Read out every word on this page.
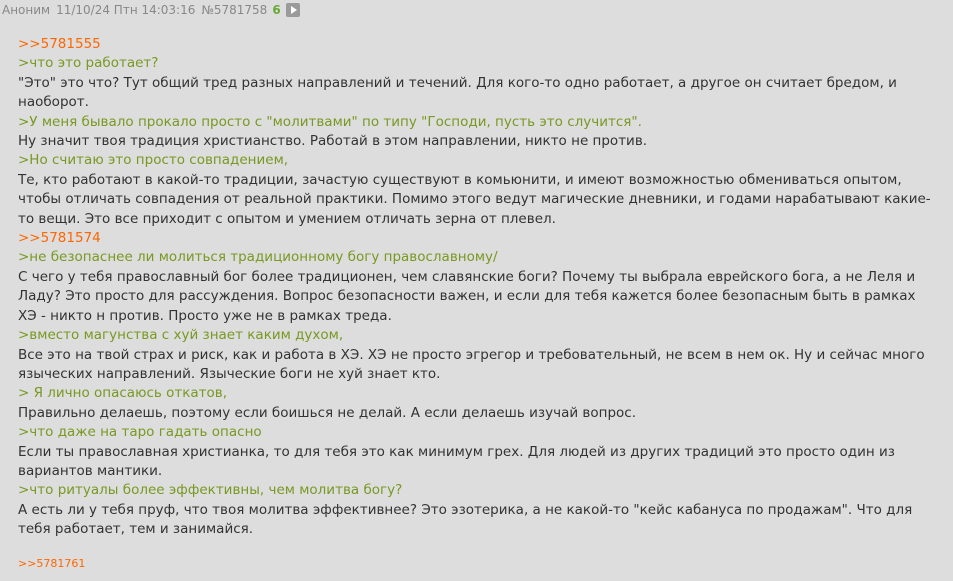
Аноним 11/10/24 Птн 14:03:16 №5781758 6
>>5781555
>что это работает?
"Это" это что? Тут общий тред разных направлений и течений. Для кого-то одно работает, а другое он считает бредом, и наоборот.
>У меня бывало прокало просто с "молитвами" по типу "Господи, пусть это случится".
Ну значит твоя традиция христианство. Работай в этом направлении, никто не против.
>Но считаю это просто совпадением,
Те, кто работают в какой-то традиции, зачастую существуют в комьюнити, и имеют возможностью обмениваться опытом, чтобы отличать совпадения от реальной практики. Помимо этого ведут магические дневники, и годами нарабатывают какие-то вещи. Это все приходит с опытом и умением отличать зерна от плевел.
>>5781574
>не безопаснее ли молиться традиционному богу православному/
С чего у тебя православный бог более традиционен, чем славянские боги? Почему ты выбрала еврейского бога, а не Леля и Ладу? Это просто для рассуждения. Вопрос безопасности важен, и если для тебя кажется более безопасным быть в рамках ХЭ - никто н против. Просто уже не в рамках треда.
>вместо магунства с хуй знает каким духом,
Все это на твой страх и риск, как и работа в ХЭ. ХЭ не просто эгрегор и требовательный, не всем в нем ок. Ну и сейчас много языческих направлений. Языческие боги не хуй знает кто.
> Я лично опасаюсь откатов,
Правильно делаешь, поэтому если боишься не делай. А если делаешь изучай вопрос.
>что даже на таро гадать опасно
Если ты православная христианка, то для тебя это как минимум грех. Для людей из других традиций это просто один из вариантов мантики.
>что ритуалы более эффективны, чем молитва богу?
А есть ли у тебя пруф, что твоя молитва эффективнее? Это эзотерика, а не какой-то "кейс кабануса по продажам". Что для тебя работает, тем и занимайся.
>>5781761
